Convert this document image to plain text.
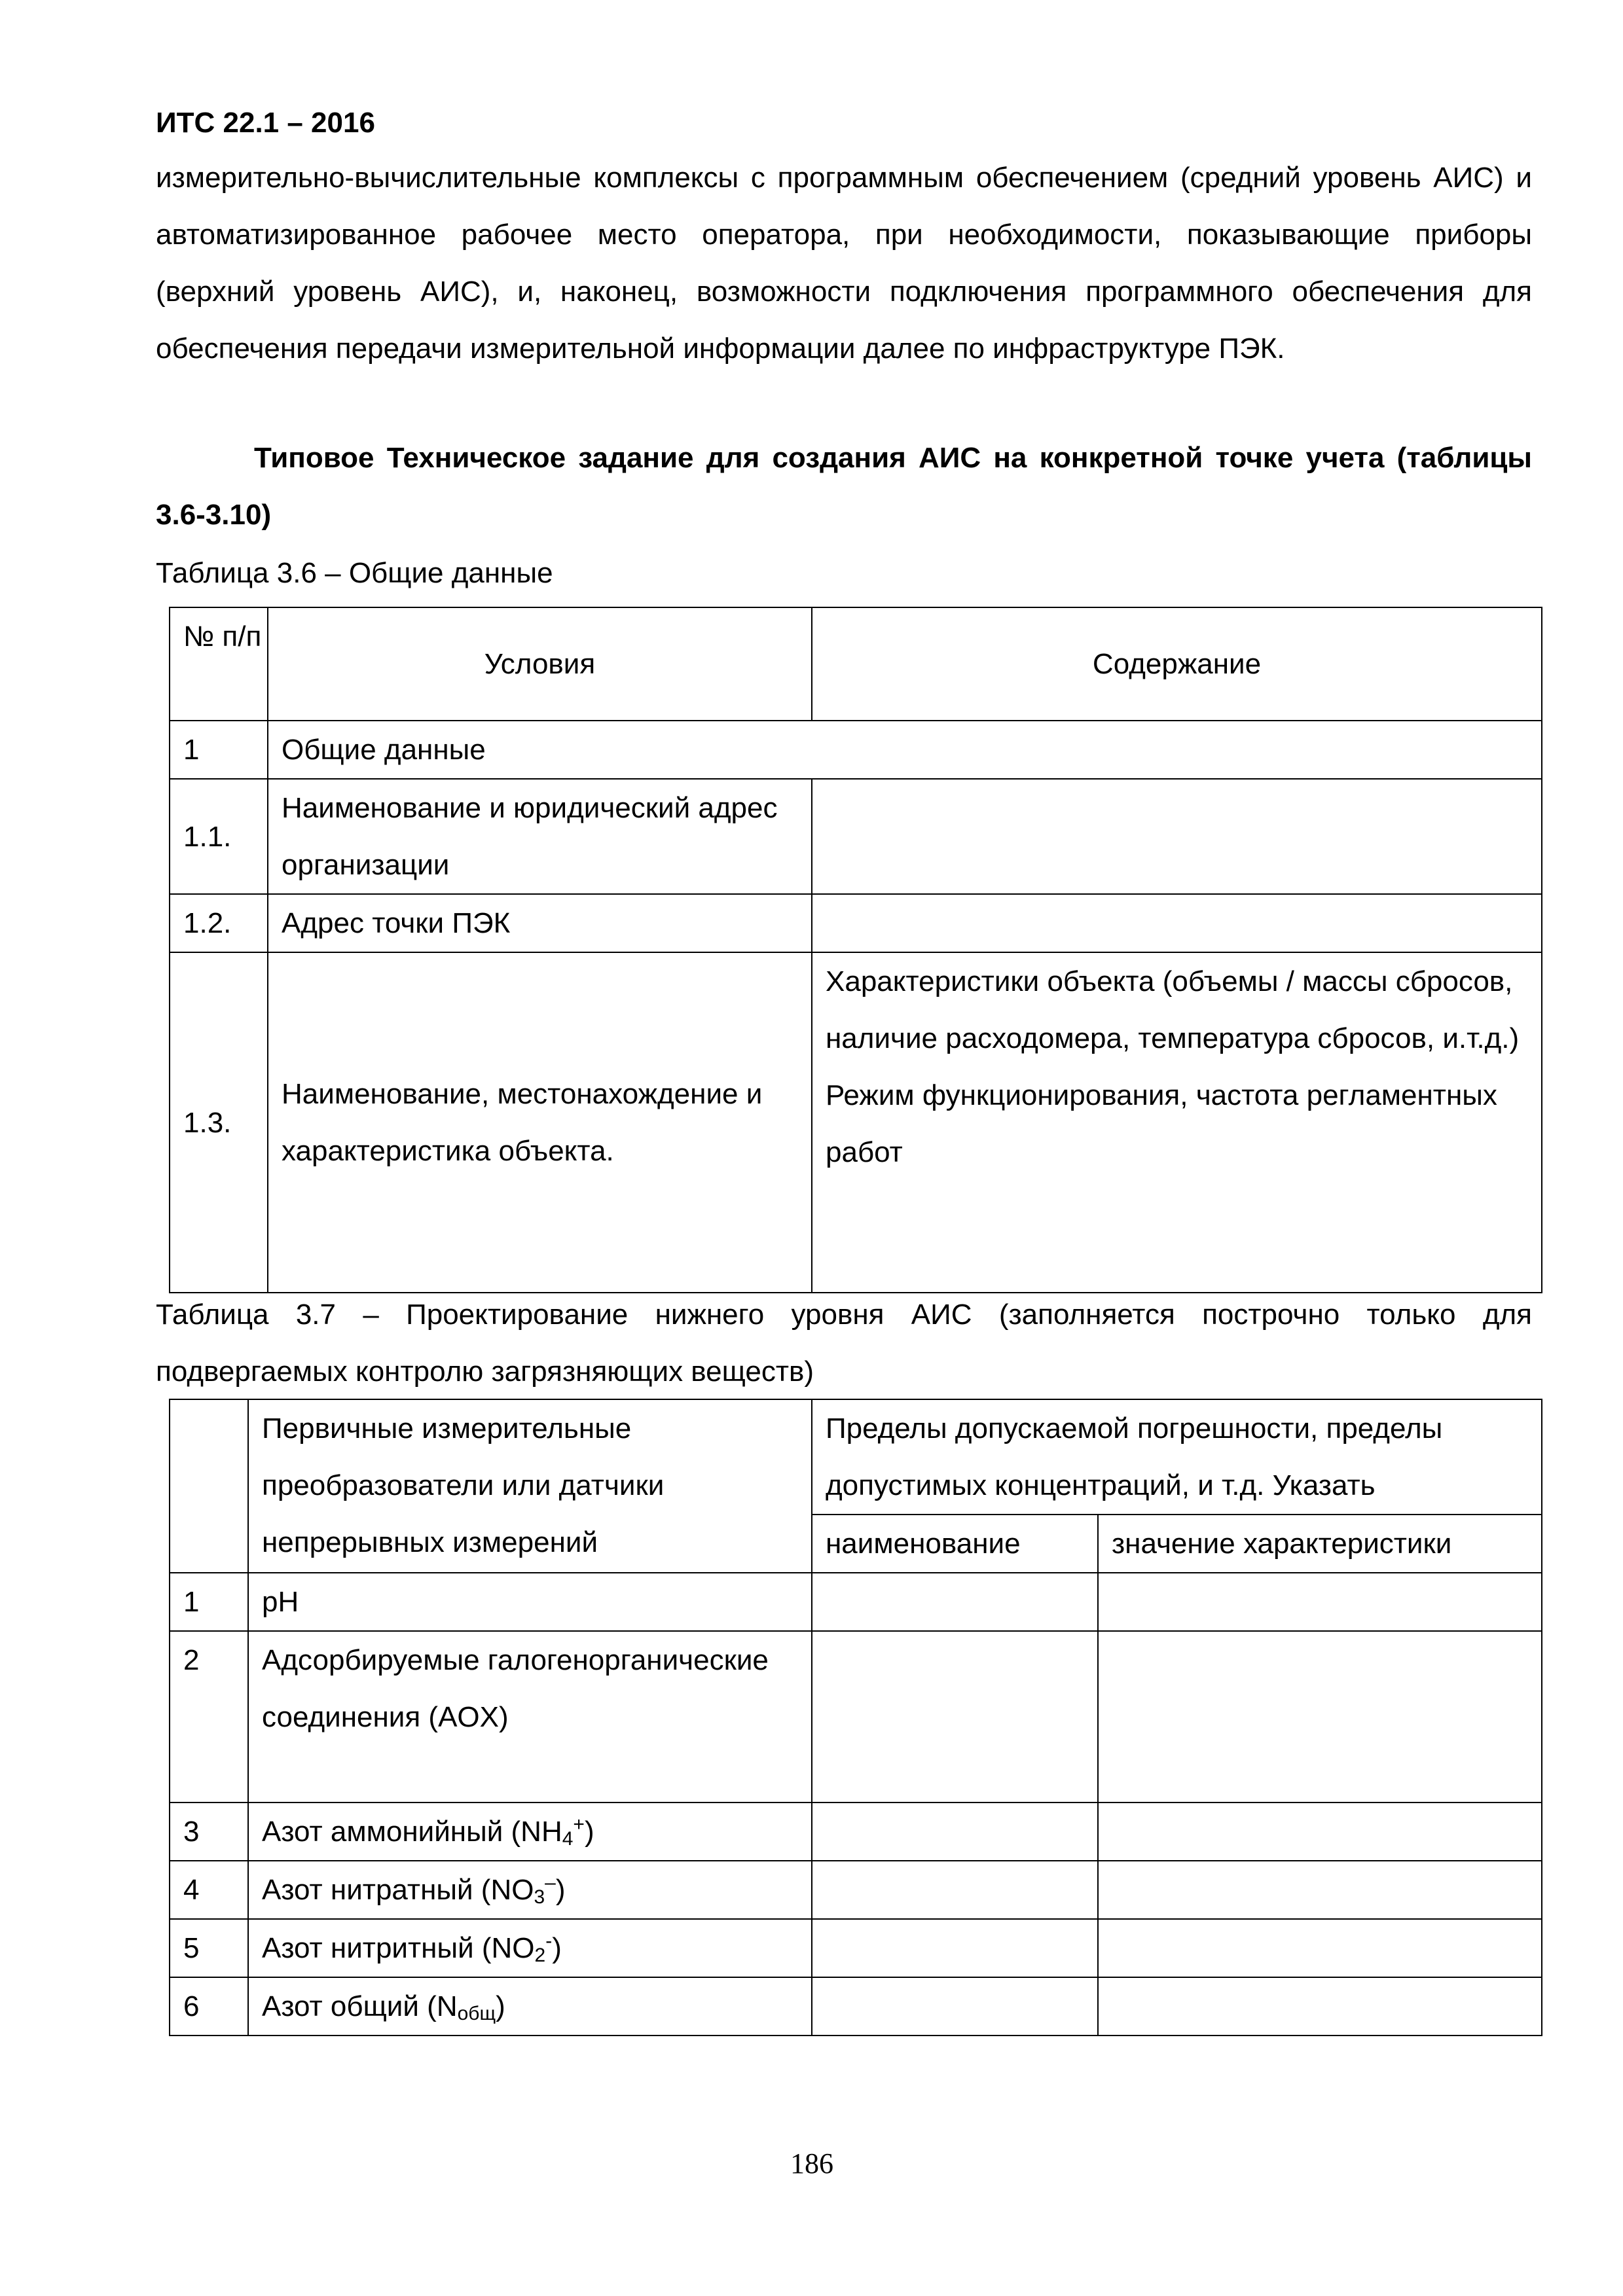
ИТС 22.1 – 2016

измерительно-вычислительные комплексы с программным обеспечением (средний уровень АИС) и автоматизированное рабочее место оператора, при необходимости, показывающие приборы (верхний уровень АИС), и, наконец, возможности подключения программного обеспечения для обеспечения передачи измерительной информации далее по инфраструктуре ПЭК.

Типовое Техническое задание для создания АИС на конкретной точке учета (таблицы 3.6-3.10)

Таблица 3.6 – Общие данные

№ п/п	Условия	Содержание
1	Общие данные	
1.1.	Наименование и юридический адрес организации	
1.2.	Адрес точки ПЭК	
1.3.	Наименование, местонахождение и характеристика объекта.	Характеристики объекта (объемы / массы сбросов, наличие расходомера, температура сбросов, и.т.д.)
Режим функционирования, частота регламентных работ

Таблица 3.7 – Проектирование нижнего уровня АИС (заполняется построчно только для подвергаемых контролю загрязняющих веществ)

	Первичные измерительные преобразователи или датчики непрерывных измерений	Пределы допускаемой погрешности, пределы допустимых концентраций, и т.д. Указать	
		наименование	значение характеристики
1	pH		
2	Адсорбируемые галогенорганические соединения (AOX)		
3	Азот аммонийный $(NH_4^+)$		
4	Азот нитратный $(NO_3^-)$		
5	Азот нитритный $(NO_2^-)$		
6	Азот общий $(N_{общ})$		
186
